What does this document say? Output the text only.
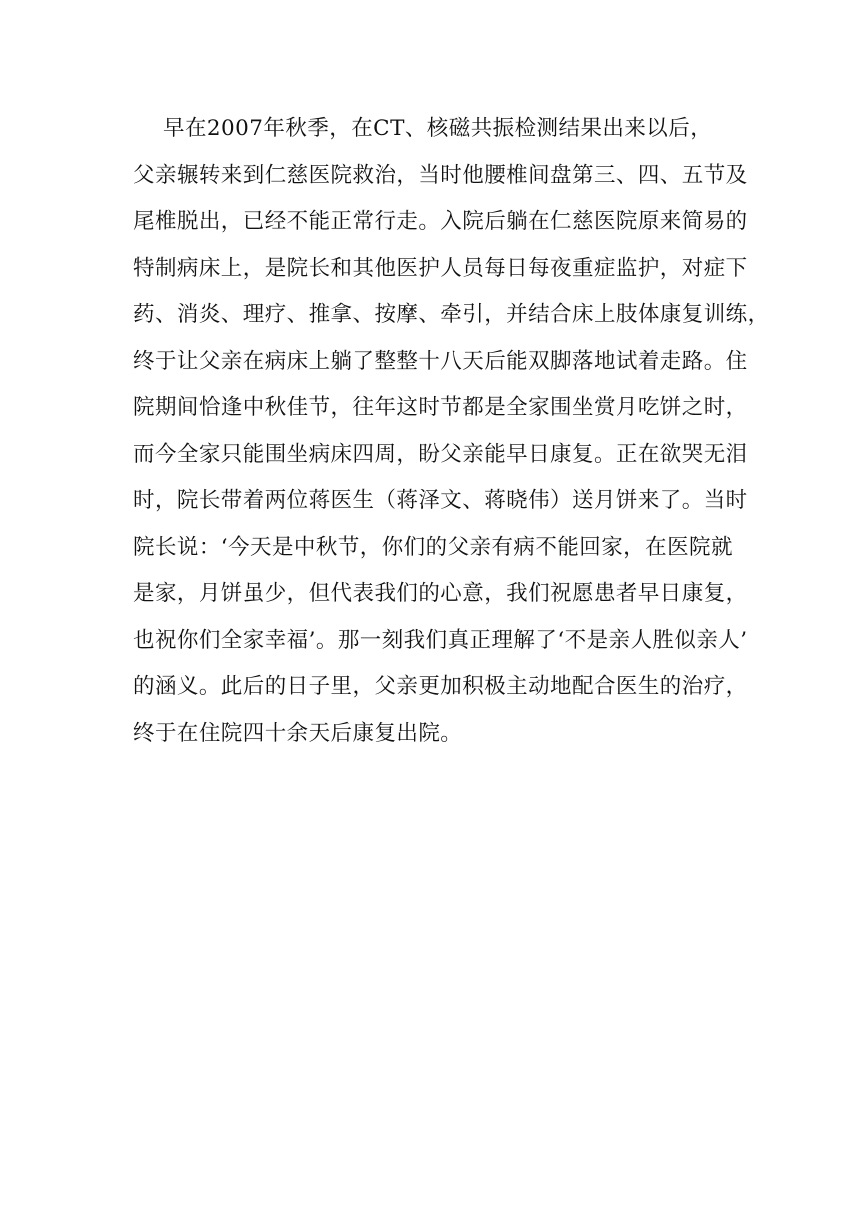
早在2007年秋季，在CT、核磁共振检测结果出来以后，
父亲辗转来到仁慈医院救治，当时他腰椎间盘第三、四、五节及
尾椎脱出，已经不能正常行走。入院后躺在仁慈医院原来简易的
特制病床上，是院长和其他医护人员每日每夜重症监护，对症下
药、消炎、理疗、推拿、按摩、牵引，并结合床上肢体康复训练，
终于让父亲在病床上躺了整整十八天后能双脚落地试着走路。住
院期间恰逢中秋佳节，往年这时节都是全家围坐赏月吃饼之时，
而今全家只能围坐病床四周，盼父亲能早日康复。正在欲哭无泪
时，院长带着两位蒋医生（蒋泽文、蒋晓伟）送月饼来了。当时
院长说：‘今天是中秋节，你们的父亲有病不能回家，在医院就
是家，月饼虽少，但代表我们的心意，我们祝愿患者早日康复，
也祝你们全家幸福’。那一刻我们真正理解了‘不是亲人胜似亲人’
的涵义。此后的日子里，父亲更加积极主动地配合医生的治疗，
终于在住院四十余天后康复出院。
